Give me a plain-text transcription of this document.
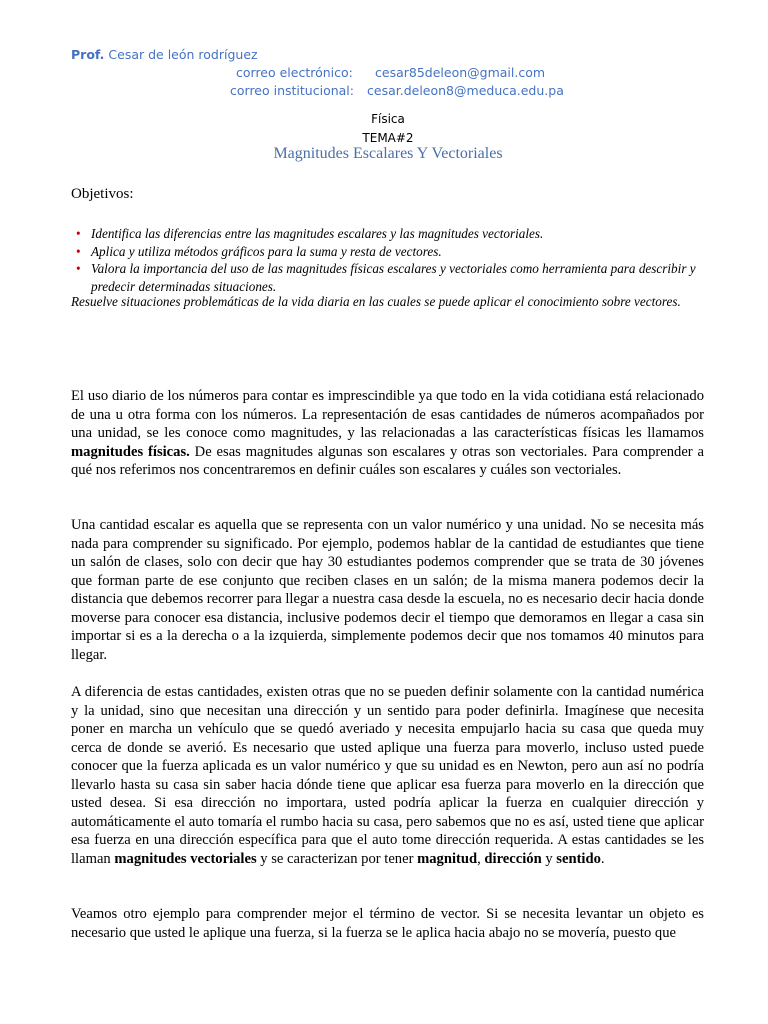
Prof. Cesar de león rodríguez
correo electrónico: cesar85deleon@gmail.com
correo institucional: cesar.deleon8@meduca.edu.pa
Física
TEMA#2
Magnitudes Escalares Y Vectoriales
Objetivos:
• Identifica las diferencias entre las magnitudes escalares y las magnitudes vectoriales.
• Aplica y utiliza métodos gráficos para la suma y resta de vectores.
• Valora la importancia del uso de las magnitudes físicas escalares y vectoriales como herramienta para describir y predecir determinadas situaciones.
Resuelve situaciones problemáticas de la vida diaria en las cuales se puede aplicar el conocimiento sobre vectores.

El uso diario de los números para contar es imprescindible ya que todo en la vida cotidiana está relacionado de una u otra forma con los números. La representación de esas cantidades de números acompañados por una unidad, se les conoce como magnitudes, y las relacionadas a las características físicas les llamamos magnitudes físicas. De esas magnitudes algunas son escalares y otras son vectoriales. Para comprender a qué nos referimos nos concentraremos en definir cuáles son escalares y cuáles son vectoriales.

Una cantidad escalar es aquella que se representa con un valor numérico y una unidad. No se necesita más nada para comprender su significado. Por ejemplo, podemos hablar de la cantidad de estudiantes que tiene un salón de clases, solo con decir que hay 30 estudiantes podemos comprender que se trata de 30 jóvenes que forman parte de ese conjunto que reciben clases en un salón; de la misma manera podemos decir la distancia que debemos recorrer para llegar a nuestra casa desde la escuela, no es necesario decir hacia donde moverse para conocer esa distancia, inclusive podemos decir el tiempo que demoramos en llegar a casa sin importar si es a la derecha o a la izquierda, simplemente podemos decir que nos tomamos 40 minutos para llegar.

A diferencia de estas cantidades, existen otras que no se pueden definir solamente con la cantidad numérica y la unidad, sino que necesitan una dirección y un sentido para poder definirla. Imagínese que necesita poner en marcha un vehículo que se quedó averiado y necesita empujarlo hacia su casa que queda muy cerca de donde se averió. Es necesario que usted aplique una fuerza para moverlo, incluso usted puede conocer que la fuerza aplicada es un valor numérico y que su unidad es en Newton, pero aun así no podría llevarlo hasta su casa sin saber hacia dónde tiene que aplicar esa fuerza para moverlo en la dirección que usted desea. Si esa dirección no importara, usted podría aplicar la fuerza en cualquier dirección y automáticamente el auto tomaría el rumbo hacia su casa, pero sabemos que no es así, usted tiene que aplicar esa fuerza en una dirección específica para que el auto tome dirección requerida. A estas cantidades se les llaman magnitudes vectoriales y se caracterizan por tener magnitud, dirección y sentido.

Veamos otro ejemplo para comprender mejor el término de vector. Si se necesita levantar un objeto es necesario que usted le aplique una fuerza, si la fuerza se le aplica hacia abajo no se movería, puesto que
